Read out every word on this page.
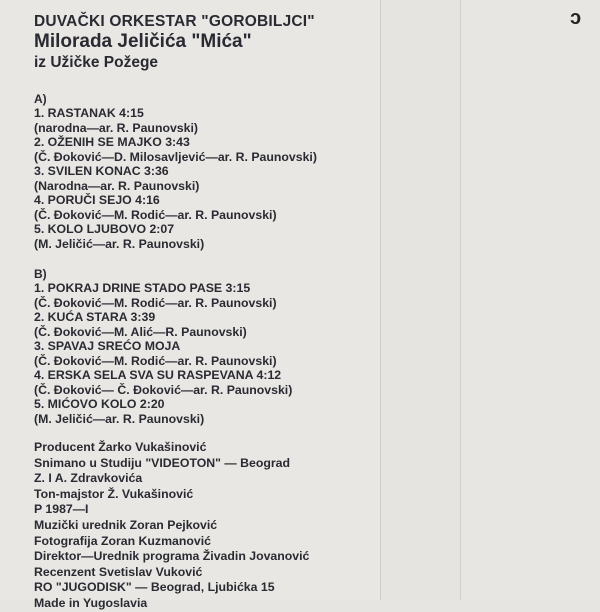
ɔ
DUVAČKI ORKESTAR "GOROBILJCI"
Milorada Jeličića "Mića"
iz Užičke Požege
A)
1. RASTANAK 4:15
(narodna—ar. R. Paunovski)
2. OŽENIH SE MAJKO 3:43
(Č. Đoković—D. Milosavljević—ar. R. Paunovski)
3. SVILEN KONAC 3:36
(Narodna—ar. R. Paunovski)
4. PORUČI SEJO 4:16
(Č. Đoković—M. Rodić—ar. R. Paunovski)
5. KOLO LJUBOVO 2:07
(M. Jeličić—ar. R. Paunovski)
B)
1. POKRAJ DRINE STADO PASE 3:15
(Č. Đoković—M. Rodić—ar. R. Paunovski)
2. KUĆA STARA 3:39
(Č. Đoković—M. Alić—R. Paunovski)
3. SPAVAJ SREĆO MOJA
(Č. Đoković—M. Rodić—ar. R. Paunovski)
4. ERSKA SELA SVA SU RASPEVANA 4:12
(Č. Đoković— Č. Đoković—ar. R. Paunovski)
5. MIĆOVO KOLO 2:20
(M. Jeličić—ar. R. Paunovski)
Producent Žarko Vukašinović
Snimano u Studiju "VIDEOTON" — Beograd
Z. I A. Zdravkovića
Ton-majstor Ž. Vukašinović
P 1987—I
Muzički urednik Zoran Pejković
Fotografija Zoran Kuzmanović
Direktor—Urednik programa Živadin Jovanović
Recenzent Svetislav Vuković
RO "JUGODISK" — Beograd, Ljubićka 15
Made in Yugoslavia
